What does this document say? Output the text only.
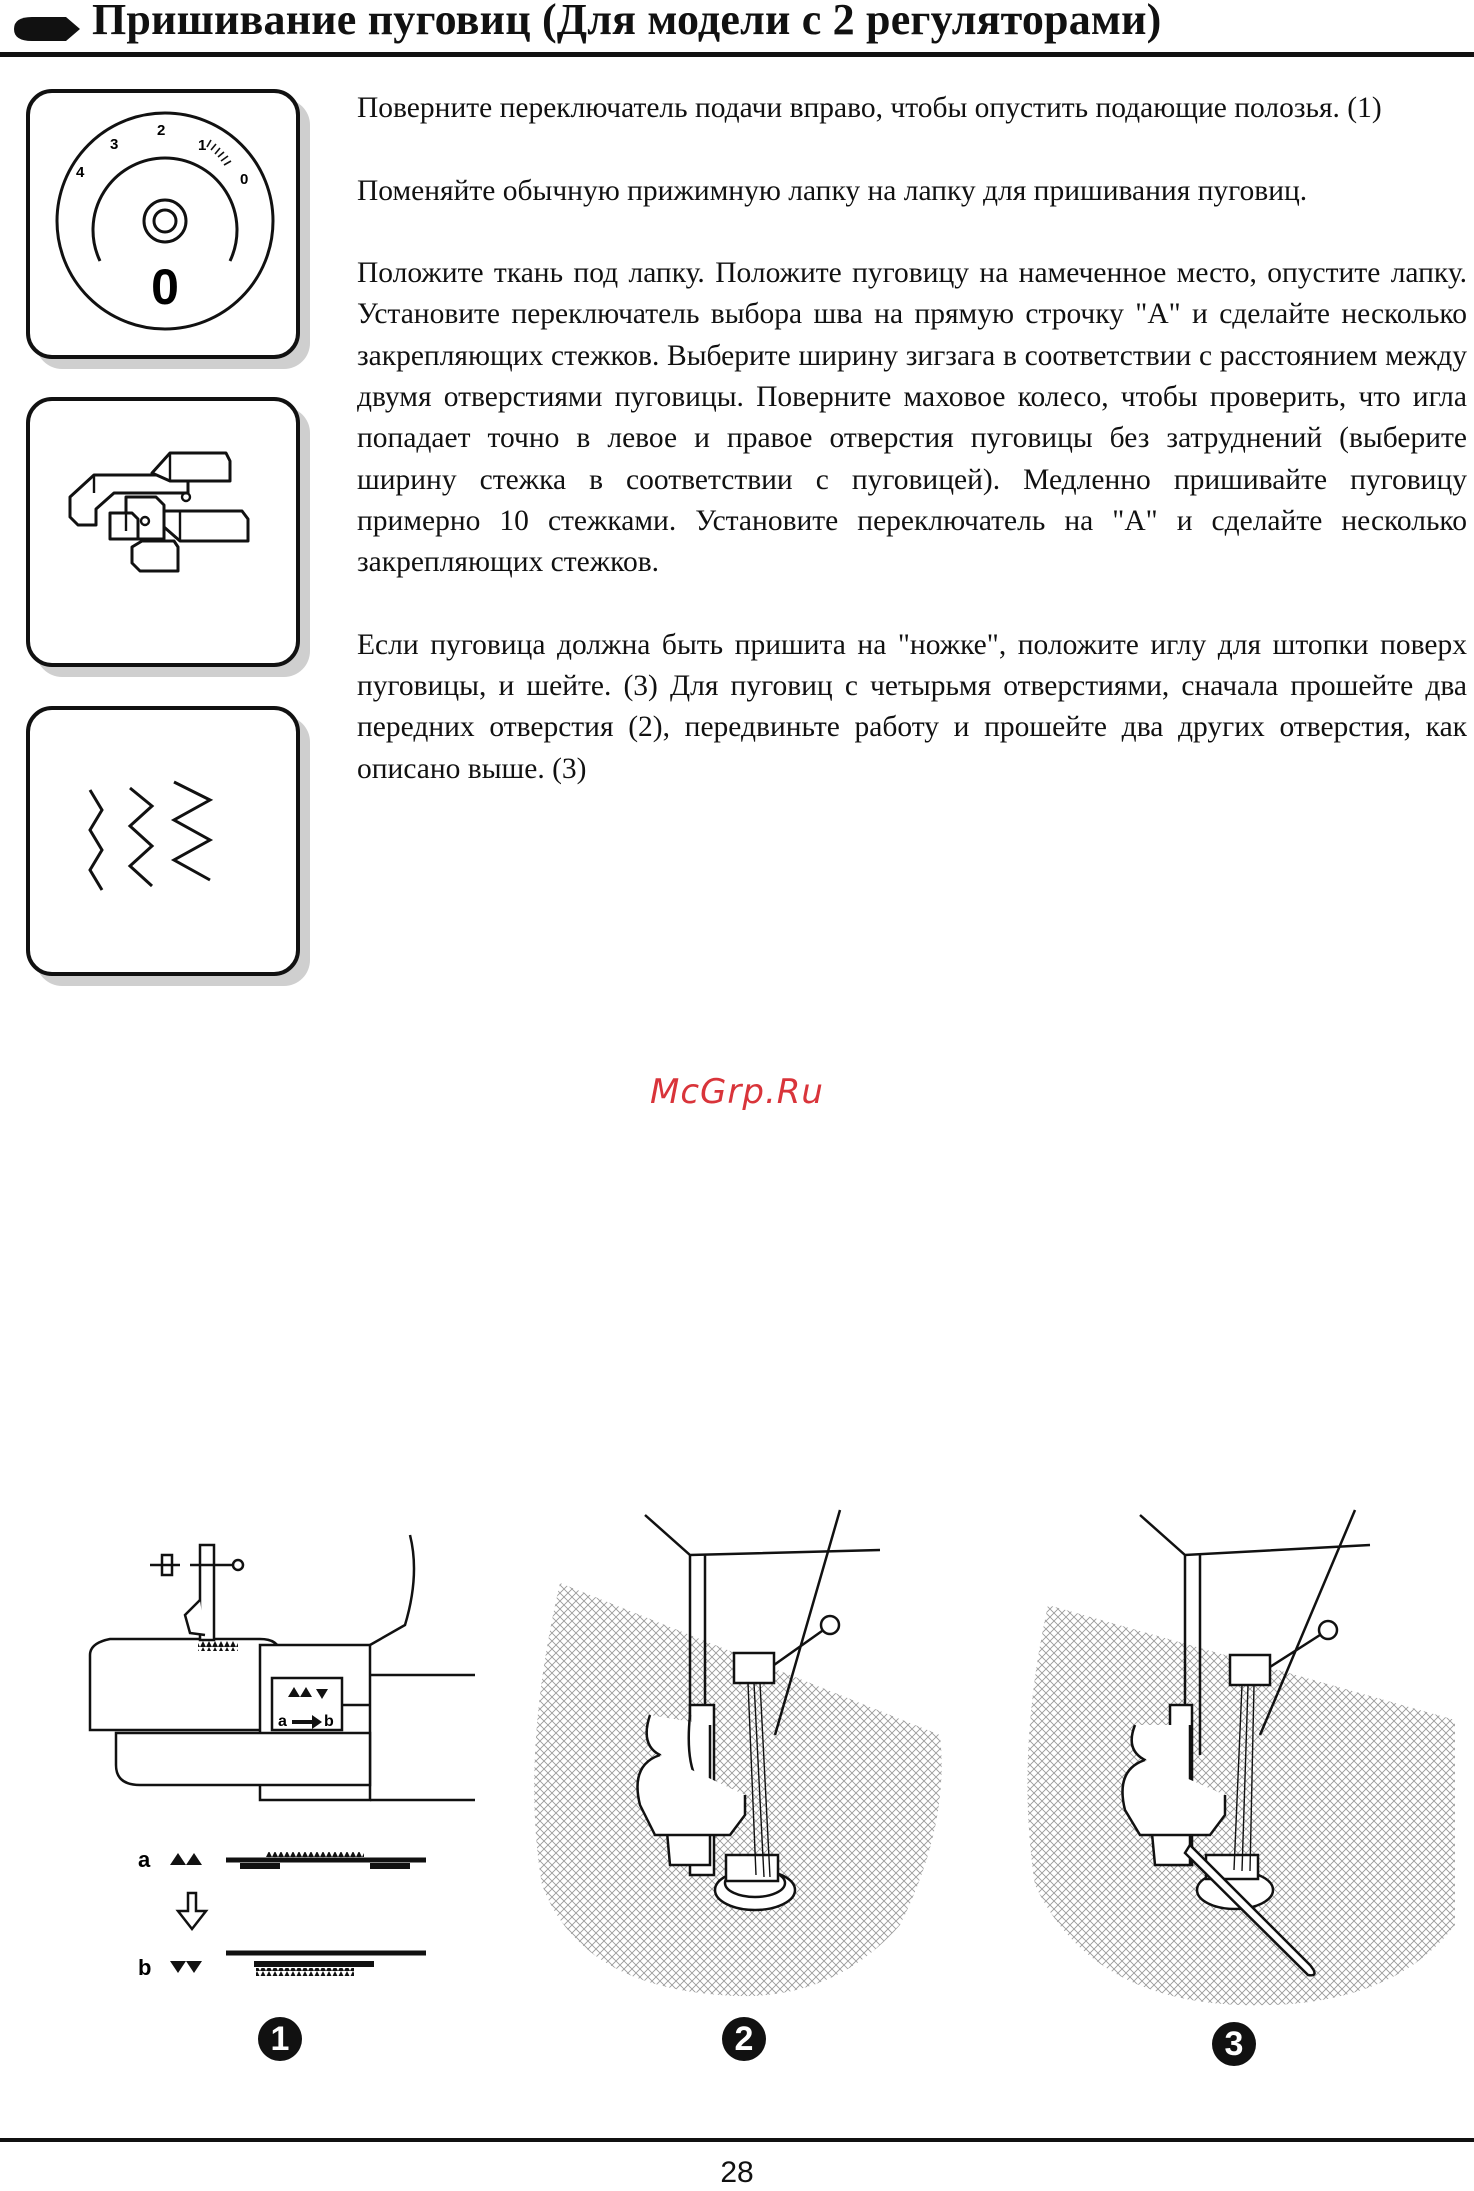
Пришивание пуговиц (Для модели с 2 регуляторами)
4
3
2
1
0
0

Поверните переключатель подачи вправо, чтобы опустить подающие полозья. (1)

Поменяйте обычную прижимную лапку на лапку для пришивания пуговиц.

Положите ткань под лапку. Положите пуговицу на намеченное место, опустите лапку. Установите переключатель выбора шва на прямую строчку "А" и сделайте несколько закрепляющих стежков. Выберите ширину зигзага в соответствии с расстоянием между двумя отверстиями пуговицы. Поверните маховое колесо, чтобы проверить, что игла попадает точно в левое и правое отверстия пуговицы без затруднений (выберите ширину стежка в соответствии с пуговицей). Медленно пришивайте пуговицу примерно 10 стежками. Установите переключатель на "А" и сделайте несколько закрепляющих стежков.

Если пуговица должна быть пришита на "ножке", положите иглу для штопки поверх пуговицы, и шейте. (3) Для пуговиц с четырьмя отверстиями, сначала прошейте два передних отверстия (2), передвиньте работу и прошейте два других отверстия, как описано выше. (3)

McGrp.Ru
a b
a
b
1	2	3
28
